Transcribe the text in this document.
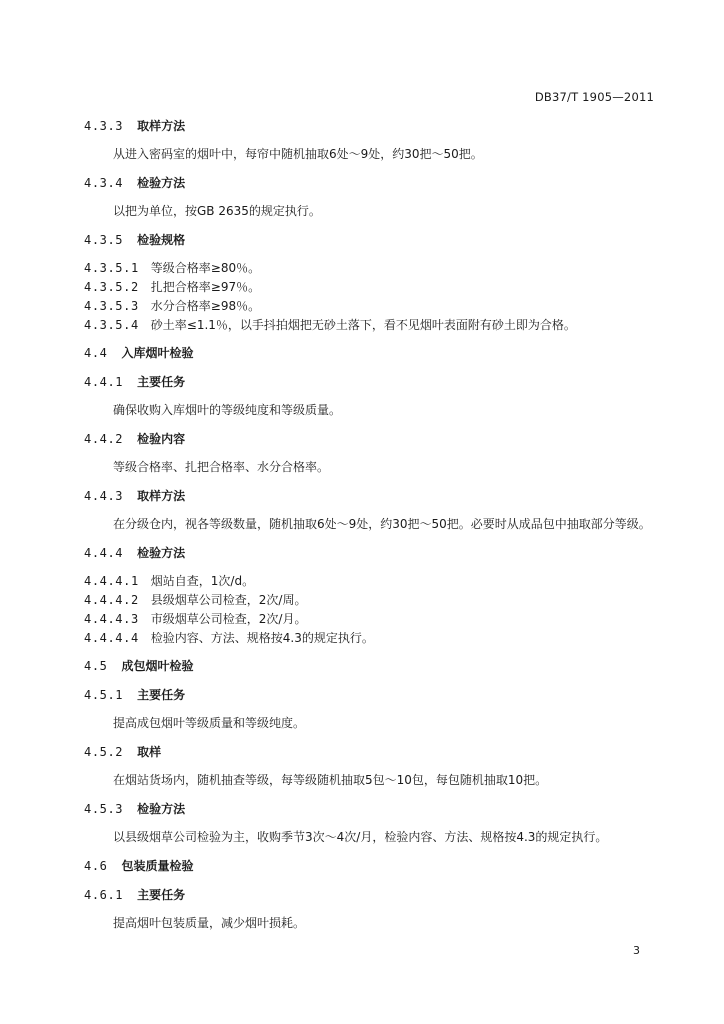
DB37/T 1905—2011
4.3.3 取样方法
从进入密码室的烟叶中，每帘中随机抽取6处～9处，约30把～50把。
4.3.4 检验方法
以把为单位，按GB 2635的规定执行。
4.3.5 检验规格
4.3.5.1 等级合格率≥80％。
4.3.5.2 扎把合格率≥97％。
4.3.5.3 水分合格率≥98％。
4.3.5.4 砂土率≤1.1％，以手抖拍烟把无砂土落下，看不见烟叶表面附有砂土即为合格。
4.4 入库烟叶检验
4.4.1 主要任务
确保收购入库烟叶的等级纯度和等级质量。
4.4.2 检验内容
等级合格率、扎把合格率、水分合格率。
4.4.3 取样方法
在分级仓内，视各等级数量，随机抽取6处～9处，约30把～50把。必要时从成品包中抽取部分等级。
4.4.4 检验方法
4.4.4.1 烟站自查，1次/d。
4.4.4.2 县级烟草公司检查，2次/周。
4.4.4.3 市级烟草公司检查，2次/月。
4.4.4.4 检验内容、方法、规格按4.3的规定执行。
4.5 成包烟叶检验
4.5.1 主要任务
提高成包烟叶等级质量和等级纯度。
4.5.2 取样
在烟站货场内，随机抽查等级，每等级随机抽取5包～10包，每包随机抽取10把。
4.5.3 检验方法
以县级烟草公司检验为主，收购季节3次～4次/月，检验内容、方法、规格按4.3的规定执行。
4.6 包装质量检验
4.6.1 主要任务
提高烟叶包装质量，减少烟叶损耗。
3
